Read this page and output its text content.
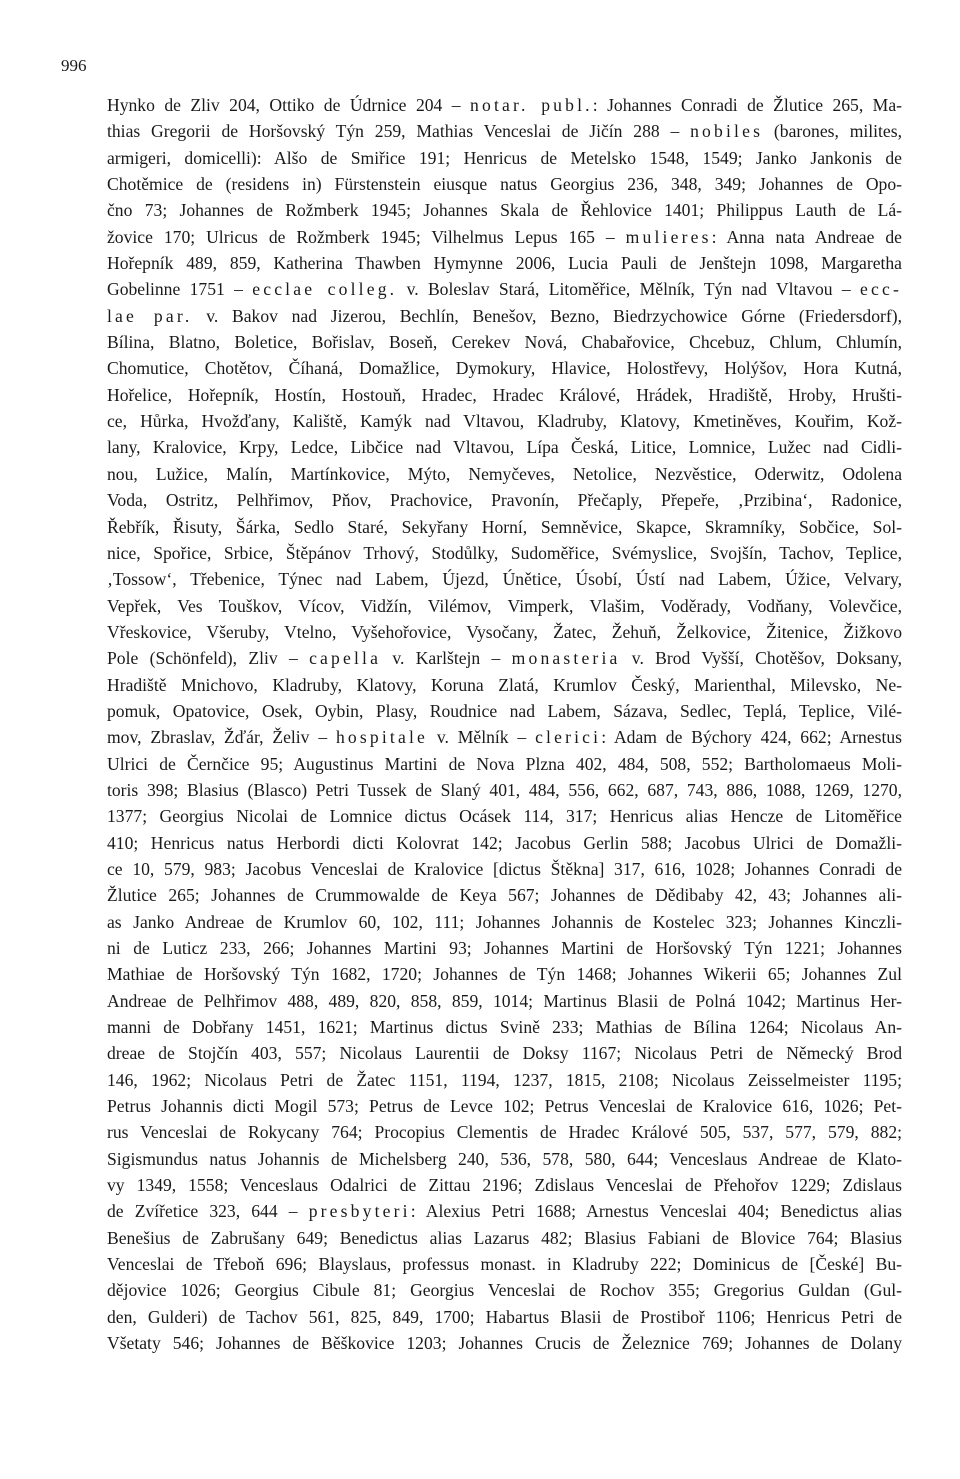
996
Hynko de Zliv 204, Ottiko de Údrnice 204 – notar. publ.: Johannes Conradi de Žlutice 265, Ma-
thias Gregorii de Horšovský Týn 259, Mathias Venceslai de Jičín 288 – nobiles (barones, milites,
armigeri, domicelli): Alšo de Smiřice 191; Henricus de Metelsko 1548, 1549; Janko Jankonis de
Chotěmice de (residens in) Fürstenstein eiusque natus Georgius 236, 348, 349; Johannes de Opo-
čno 73; Johannes de Rožmberk 1945; Johannes Skala de Řehlovice 1401; Philippus Lauth de Lá-
žovice 170; Ulricus de Rožmberk 1945; Vilhelmus Lepus 165 – mulieres: Anna nata Andreae de
Hořepník 489, 859, Katherina Thawben Hymynne 2006, Lucia Pauli de Jenštejn 1098, Margaretha
Gobelinne 1751 – ecclae colleg. v. Boleslav Stará, Litoměřice, Mělník, Týn nad Vltavou – ecc-
lae par. v. Bakov nad Jizerou, Bechlín, Benešov, Bezno, Biedrzychowice Górne (Friedersdorf),
Bílina, Blatno, Boletice, Bořislav, Boseň, Cerekev Nová, Chabařovice, Chcebuz, Chlum, Chlumín,
Chomutice, Chotětov, Číhaná, Domažlice, Dymokury, Hlavice, Holostřevy, Holýšov, Hora Kutná,
Hořelice, Hořepník, Hostín, Hostouň, Hradec, Hradec Králové, Hrádek, Hradiště, Hroby, Hrušti-
ce, Hůrka, Hvožďany, Kaliště, Kamýk nad Vltavou, Kladruby, Klatovy, Kmetiněves, Kouřim, Kož-
lany, Kralovice, Krpy, Ledce, Libčice nad Vltavou, Lípa Česká, Litice, Lomnice, Lužec nad Cidli-
nou, Lužice, Malín, Martínkovice, Mýto, Nemyčeves, Netolice, Nezvěstice, Oderwitz, Odolena
Voda, Ostritz, Pelhřimov, Pňov, Prachovice, Pravonín, Přečaply, Přepeře, ‚Przibina‘, Radonice,
Řebřík, Řisuty, Šárka, Sedlo Staré, Sekyřany Horní, Semněvice, Skapce, Skramníky, Sobčice, Sol-
nice, Spořice, Srbice, Štěpánov Trhový, Stodůlky, Sudoměřice, Svémyslice, Svojšín, Tachov, Teplice,
‚Tossow‘, Třebenice, Týnec nad Labem, Újezd, Únětice, Úsobí, Ústí nad Labem, Úžice, Velvary,
Vepřek, Ves Touškov, Vícov, Vidžín, Vilémov, Vimperk, Vlašim, Voděrady, Vodňany, Volevčice,
Vřeskovice, Všeruby, Vtelno, Vyšehořovice, Vysočany, Žatec, Žehuň, Želkovice, Žitenice, Žižkovo
Pole (Schönfeld), Zliv – capella v. Karlštejn – monasteria v. Brod Vyšší, Chotěšov, Doksany,
Hradiště Mnichovo, Kladruby, Klatovy, Koruna Zlatá, Krumlov Český, Marienthal, Milevsko, Ne-
pomuk, Opatovice, Osek, Oybin, Plasy, Roudnice nad Labem, Sázava, Sedlec, Teplá, Teplice, Vilé-
mov, Zbraslav, Žďár, Želiv – hospitale v. Mělník – clerici: Adam de Býchory 424, 662; Arnestus
Ulrici de Černčice 95; Augustinus Martini de Nova Plzna 402, 484, 508, 552; Bartholomaeus Moli-
toris 398; Blasius (Blasco) Petri Tussek de Slaný 401, 484, 556, 662, 687, 743, 886, 1088, 1269, 1270,
1377; Georgius Nicolai de Lomnice dictus Ocásek 114, 317; Henricus alias Hencze de Litoměřice
410; Henricus natus Herbordi dicti Kolovrat 142; Jacobus Gerlin 588; Jacobus Ulrici de Domažli-
ce 10, 579, 983; Jacobus Venceslai de Kralovice [dictus Štěkna] 317, 616, 1028; Johannes Conradi de
Žlutice 265; Johannes de Crummowalde de Keya 567; Johannes de Dědibaby 42, 43; Johannes ali-
as Janko Andreae de Krumlov 60, 102, 111; Johannes Johannis de Kostelec 323; Johannes Kinczli-
ni de Luticz 233, 266; Johannes Martini 93; Johannes Martini de Horšovský Týn 1221; Johannes
Mathiae de Horšovský Týn 1682, 1720; Johannes de Týn 1468; Johannes Wikerii 65; Johannes Zul
Andreae de Pelhřimov 488, 489, 820, 858, 859, 1014; Martinus Blasii de Polná 1042; Martinus Her-
manni de Dobřany 1451, 1621; Martinus dictus Svině 233; Mathias de Bílina 1264; Nicolaus An-
dreae de Stojčín 403, 557; Nicolaus Laurentii de Doksy 1167; Nicolaus Petri de Německý Brod
146, 1962; Nicolaus Petri de Žatec 1151, 1194, 1237, 1815, 2108; Nicolaus Zeisselmeister 1195;
Petrus Johannis dicti Mogil 573; Petrus de Levce 102; Petrus Venceslai de Kralovice 616, 1026; Pet-
rus Venceslai de Rokycany 764; Procopius Clementis de Hradec Králové 505, 537, 577, 579, 882;
Sigismundus natus Johannis de Michelsberg 240, 536, 578, 580, 644; Venceslaus Andreae de Klato-
vy 1349, 1558; Venceslaus Odalrici de Zittau 2196; Zdislaus Venceslai de Přehořov 1229; Zdislaus
de Zvířetice 323, 644 – presbyteri: Alexius Petri 1688; Arnestus Venceslai 404; Benedictus alias
Benešius de Zabrušany 649; Benedictus alias Lazarus 482; Blasius Fabiani de Blovice 764; Blasius
Venceslai de Třeboň 696; Blayslaus, professus monast. in Kladruby 222; Dominicus de [České] Bu-
dějovice 1026; Georgius Cibule 81; Georgius Venceslai de Rochov 355; Gregorius Guldan (Gul-
den, Gulderi) de Tachov 561, 825, 849, 1700; Habartus Blasii de Prostiboř 1106; Henricus Petri de
Všetaty 546; Johannes de Běškovice 1203; Johannes Crucis de Železnice 769; Johannes de Dolany
